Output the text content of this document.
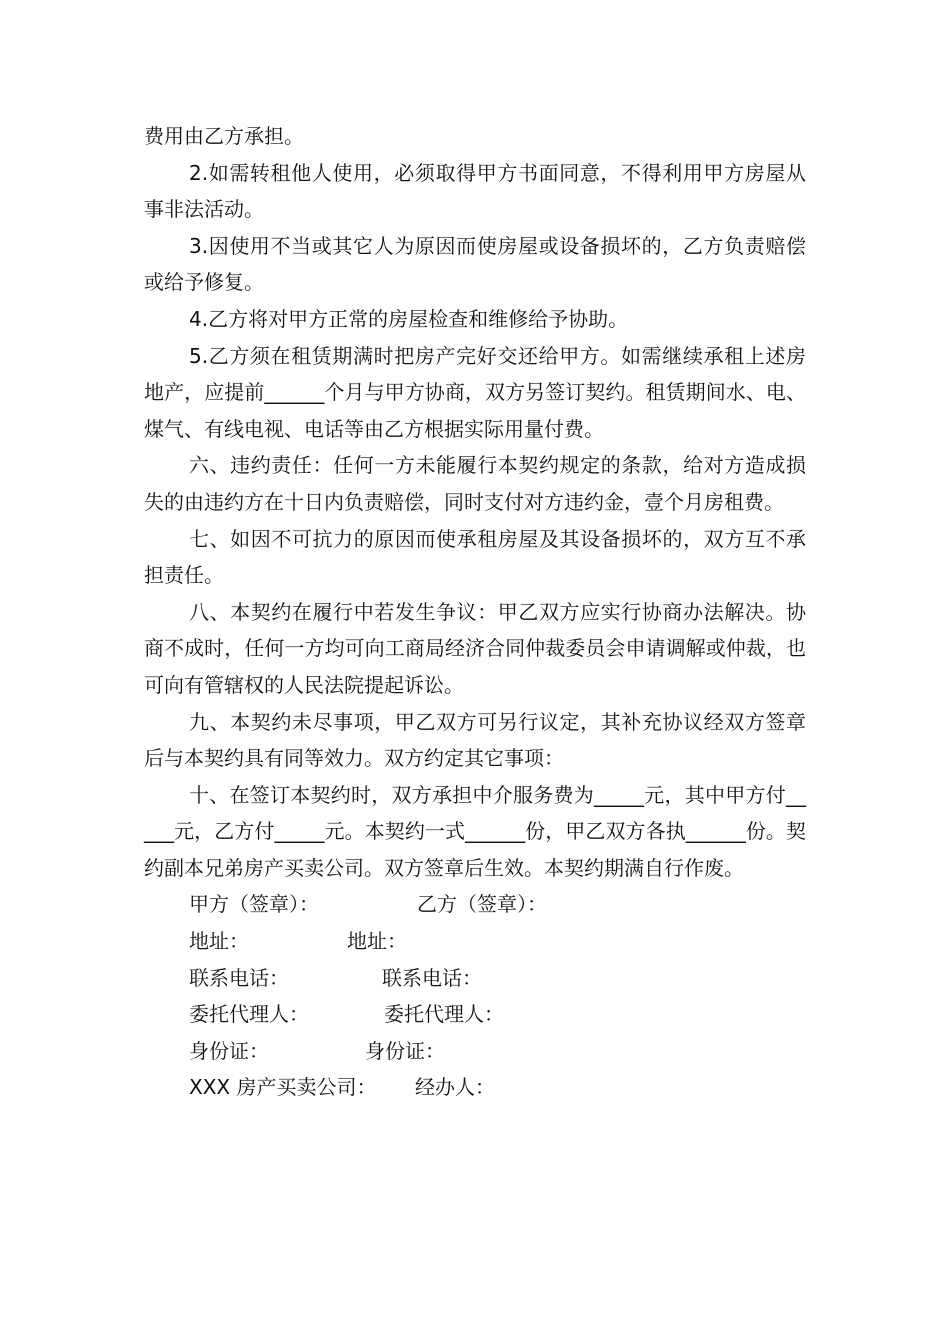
费用由乙方承担。

2.如需转租他人使用，必须取得甲方书面同意，不得利用甲方房屋从事非法活动。

3.因使用不当或其它人为原因而使房屋或设备损坏的，乙方负责赔偿或给予修复。

4.乙方将对甲方正常的房屋检查和维修给予协助。

5.乙方须在租赁期满时把房产完好交还给甲方。如需继续承租上述房地产，应提前______个月与甲方协商，双方另签订契约。租赁期间水、电、煤气、有线电视、电话等由乙方根据实际用量付费。

六、违约责任：任何一方未能履行本契约规定的条款，给对方造成损失的由违约方在十日内负责赔偿，同时支付对方违约金，壹个月房租费。

七、如因不可抗力的原因而使承租房屋及其设备损坏的，双方互不承担责任。

八、本契约在履行中若发生争议：甲乙双方应实行协商办法解决。协商不成时，任何一方均可向工商局经济合同仲裁委员会申请调解或仲裁，也可向有管辖权的人民法院提起诉讼。

九、本契约未尽事项，甲乙双方可另行议定，其补充协议经双方签章后与本契约具有同等效力。双方约定其它事项：

十、在签订本契约时，双方承担中介服务费为_____元，其中甲方付_____元，乙方付_____元。本契约一式______份，甲乙双方各执______份。契约副本兄弟房产买卖公司。双方签章后生效。本契约期满自行作废。

甲方（签章）：	乙方（签章）：
地址：	地址：
联系电话：	联系电话：
委托代理人：	委托代理人：
身份证：	身份证：
XXX 房产买卖公司： 经办人：
